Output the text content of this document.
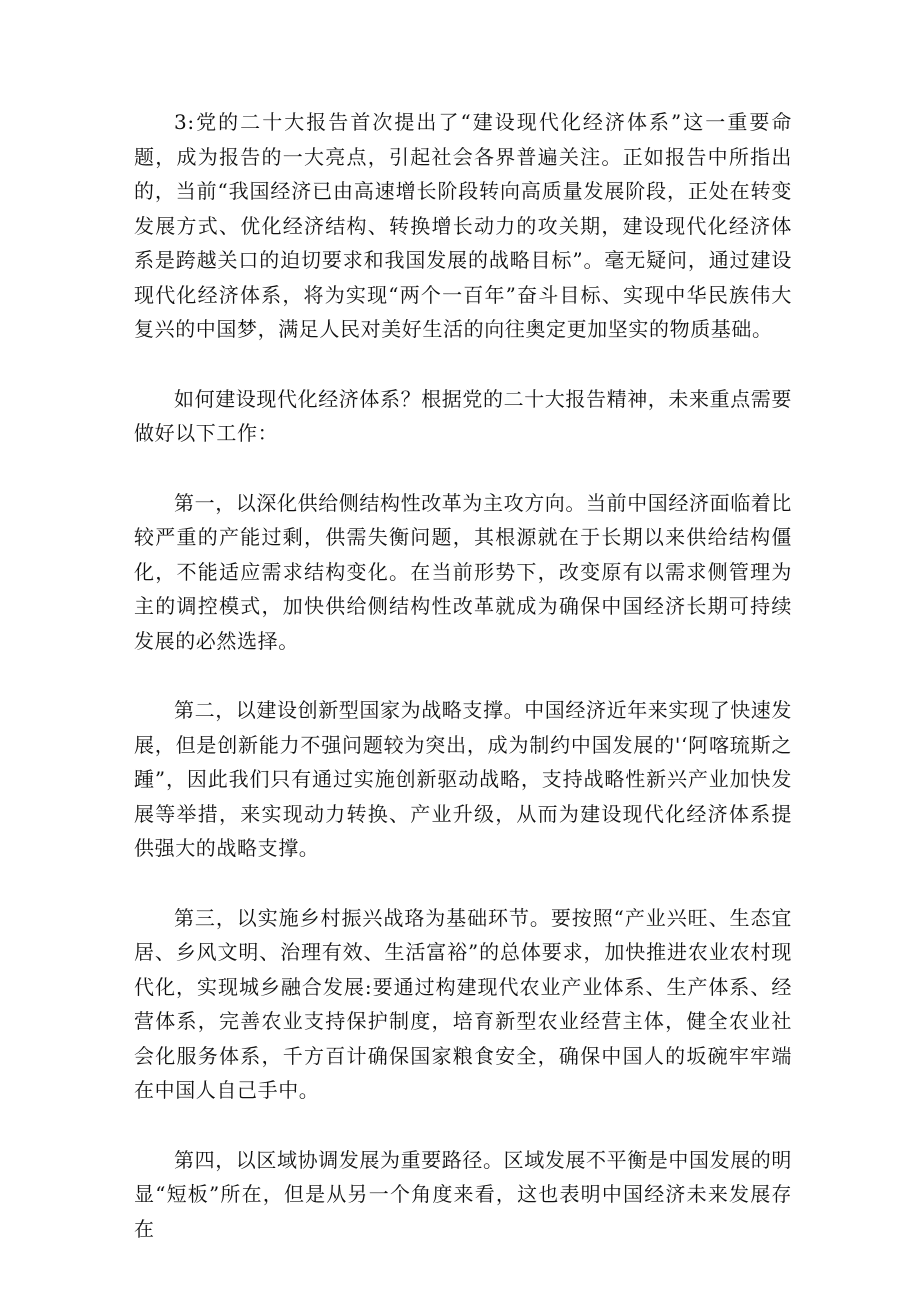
3:党的二十大报告首次提出了“建设现代化经济体系”这一重要命题，成为报告的一大亮点，引起社会各界普遍关注。正如报告中所指出的，当前“我国经济已由高速增长阶段转向高质量发展阶段，正处在转变发展方式、优化经济结构、转换增长动力的攻关期，建设现代化经济体系是跨越关口的迫切要求和我国发展的战略目标”。毫无疑问，通过建设现代化经济体系，将为实现“两个一百年”奋斗目标、实现中华民族伟大复兴的中国梦，满足人民对美好生活的向往奥定更加坚实的物质基础。

如何建设现代化经济体系？根据党的二十大报告精神，未来重点需要做好以下工作：

第一，以深化供给侧结构性改革为主攻方向。当前中国经济面临着比较严重的产能过剩，供需失衡问题，其根源就在于长期以来供给结构僵化，不能适应需求结构变化。在当前形势下，改变原有以需求侧管理为主的调控模式，加快供给侧结构性改革就成为确保中国经济长期可持续发展的必然选择。

第二，以建设创新型国家为战略支撑。中国经济近年来实现了快速发展，但是创新能力不强问题较为突出，成为制约中国发展的'‘阿喀琉斯之踵”，因此我们只有通过实施创新驱动战略，支持战略性新兴产业加快发展等举措，来实现动力转换、产业升级，从而为建设现代化经济体系提供强大的战略支撑。

第三，以实施乡村振兴战珞为基础环节。要按照“产业兴旺、生态宜居、乡风文明、治理有效、生活富裕”的总体要求，加快推进农业农村现代化，实现城乡融合发展:要通过构建现代农业产业体系、生产体系、经营体系，完善农业支持保护制度，培育新型农业经营主体，健全农业社会化服务体系，千方百计确保国家粮食安全，确保中国人的坂碗牢牢端在中国人自己手中。

第四，以区域协调发展为重要路径。区域发展不平衡是中国发展的明显“短板”所在，但是从另一个角度来看，这也表明中国经济未来发展存在
